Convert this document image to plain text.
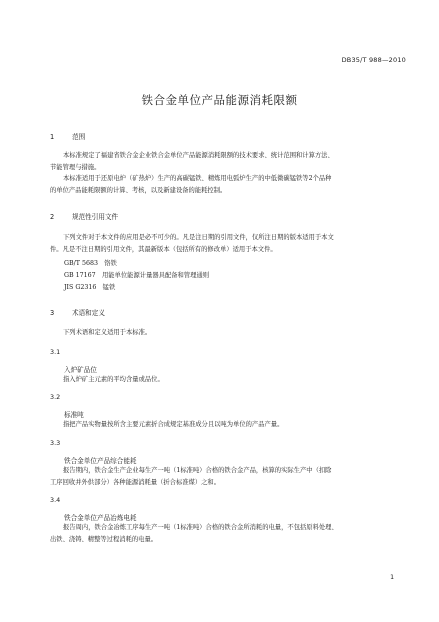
DB35/T 988—2010
铁合金单位产品能源消耗限额
1	范围
本标准规定了福建省铁合金企业铁合金单位产品能源消耗限额的技术要求、统计范围和计算方法、
节能管理与措施。
本标准适用于还原电炉（矿热炉）生产的高碳锰铁、精炼用电弧炉生产的中低微碳锰铁等2个品种
的单位产品能耗限额的计算、考核，以及新建设备的能耗控制。
2	规范性引用文件
下列文件对于本文件的应用是必不可少的。凡是注日期的引用文件，仅所注日期的版本适用于本文
件。凡是不注日期的引用文件，其最新版本（包括所有的修改单）适用于本文件。
GB/T 5683　铬铁
GB 17167　用能单位能源计量器具配备和管理通则
JIS G2316　锰铁
3	术语和定义
下列术语和定义适用于本标准。
3.1
入炉矿品位
指入炉矿主元素的平均含量或品位。
3.2
标准吨
指把产品实物量按所含主要元素折合成规定基准成分且以吨为单位的产品产量。
3.3
铁合金单位产品综合能耗
报告期内，铁合金生产企业每生产一吨（1标准吨）合格的铁合金产品，核算的实际生产中（扣除
工序回收并外供部分）各种能源消耗量（折合标准煤）之和。
3.4
铁合金单位产品冶炼电耗
报告周内，铁合金冶炼工序每生产一吨（1标准吨）合格的铁合金所消耗的电量，不包括原料处理、
出铁、浇铸、精整等过程消耗的电量。
1
